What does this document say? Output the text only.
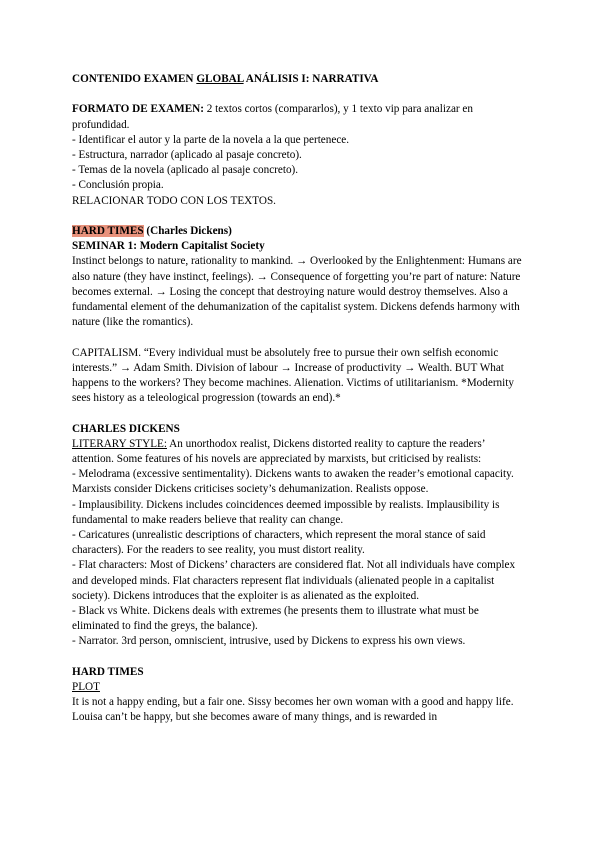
CONTENIDO EXAMEN GLOBAL ANÁLISIS I: NARRATIVA

FORMATO DE EXAMEN: 2 textos cortos (compararlos), y 1 texto vip para analizar en profundidad.

- Identificar el autor y la parte de la novela a la que pertenece.

- Estructura, narrador (aplicado al pasaje concreto).

- Temas de la novela (aplicado al pasaje concreto).

- Conclusión propia.

RELACIONAR TODO CON LOS TEXTOS.

HARD TIMES (Charles Dickens)

SEMINAR 1: Modern Capitalist Society

Instinct belongs to nature, rationality to mankind. → Overlooked by the Enlightenment: Humans are also nature (they have instinct, feelings). → Consequence of forgetting you’re part of nature: Nature becomes external. → Losing the concept that destroying nature would destroy themselves. Also a fundamental element of the dehumanization of the capitalist system. Dickens defends harmony with nature (like the romantics).

CAPITALISM. “Every individual must be absolutely free to pursue their own selfish economic interests.” → Adam Smith. Division of labour → Increase of productivity → Wealth. BUT What happens to the workers? They become machines. Alienation. Victims of utilitarianism. *Modernity sees history as a teleological progression (towards an end).*

CHARLES DICKENS

LITERARY STYLE: An unorthodox realist, Dickens distorted reality to capture the readers’ attention. Some features of his novels are appreciated by marxists, but criticised by realists:

- Melodrama (excessive sentimentality). Dickens wants to awaken the reader’s emotional capacity. Marxists consider Dickens criticises society’s dehumanization. Realists oppose.

- Implausibility. Dickens includes coincidences deemed impossible by realists. Implausibility is fundamental to make readers believe that reality can change.

- Caricatures (unrealistic descriptions of characters, which represent the moral stance of said characters). For the readers to see reality, you must distort reality.

- Flat characters: Most of Dickens’ characters are considered flat. Not all individuals have complex and developed minds. Flat characters represent flat individuals (alienated people in a capitalist society). Dickens introduces that the exploiter is as alienated as the exploited.

- Black vs White. Dickens deals with extremes (he presents them to illustrate what must be eliminated to find the greys, the balance).

- Narrator. 3rd person, omniscient, intrusive, used by Dickens to express his own views.

HARD TIMES

PLOT

It is not a happy ending, but a fair one. Sissy becomes her own woman with a good and happy life. Louisa can’t be happy, but she becomes aware of many things, and is rewarded in
